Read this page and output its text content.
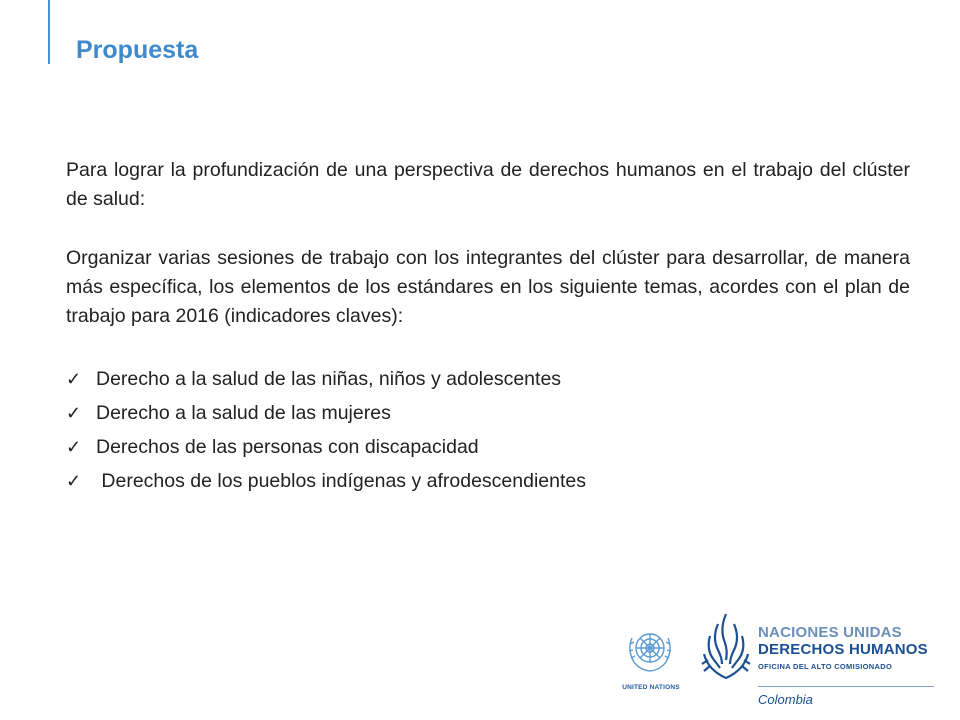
Propuesta

Para lograr la profundización de una perspectiva de derechos humanos en el trabajo del clúster de salud:

Organizar varias sesiones de trabajo con los integrantes del clúster para desarrollar, de manera más específica, los elementos de los estándares en los siguiente temas, acordes con el plan de trabajo para 2016 (indicadores claves):

✓ Derecho a la salud de las niñas, niños y adolescentes
✓ Derecho a la salud de las mujeres
✓ Derechos de las personas con discapacidad
✓ Derechos de los pueblos indígenas y afrodescendientes
UNITED NATIONS
NACIONES UNIDAS
DERECHOS HUMANOS
OFICINA DEL ALTO COMISIONADO
Colombia
